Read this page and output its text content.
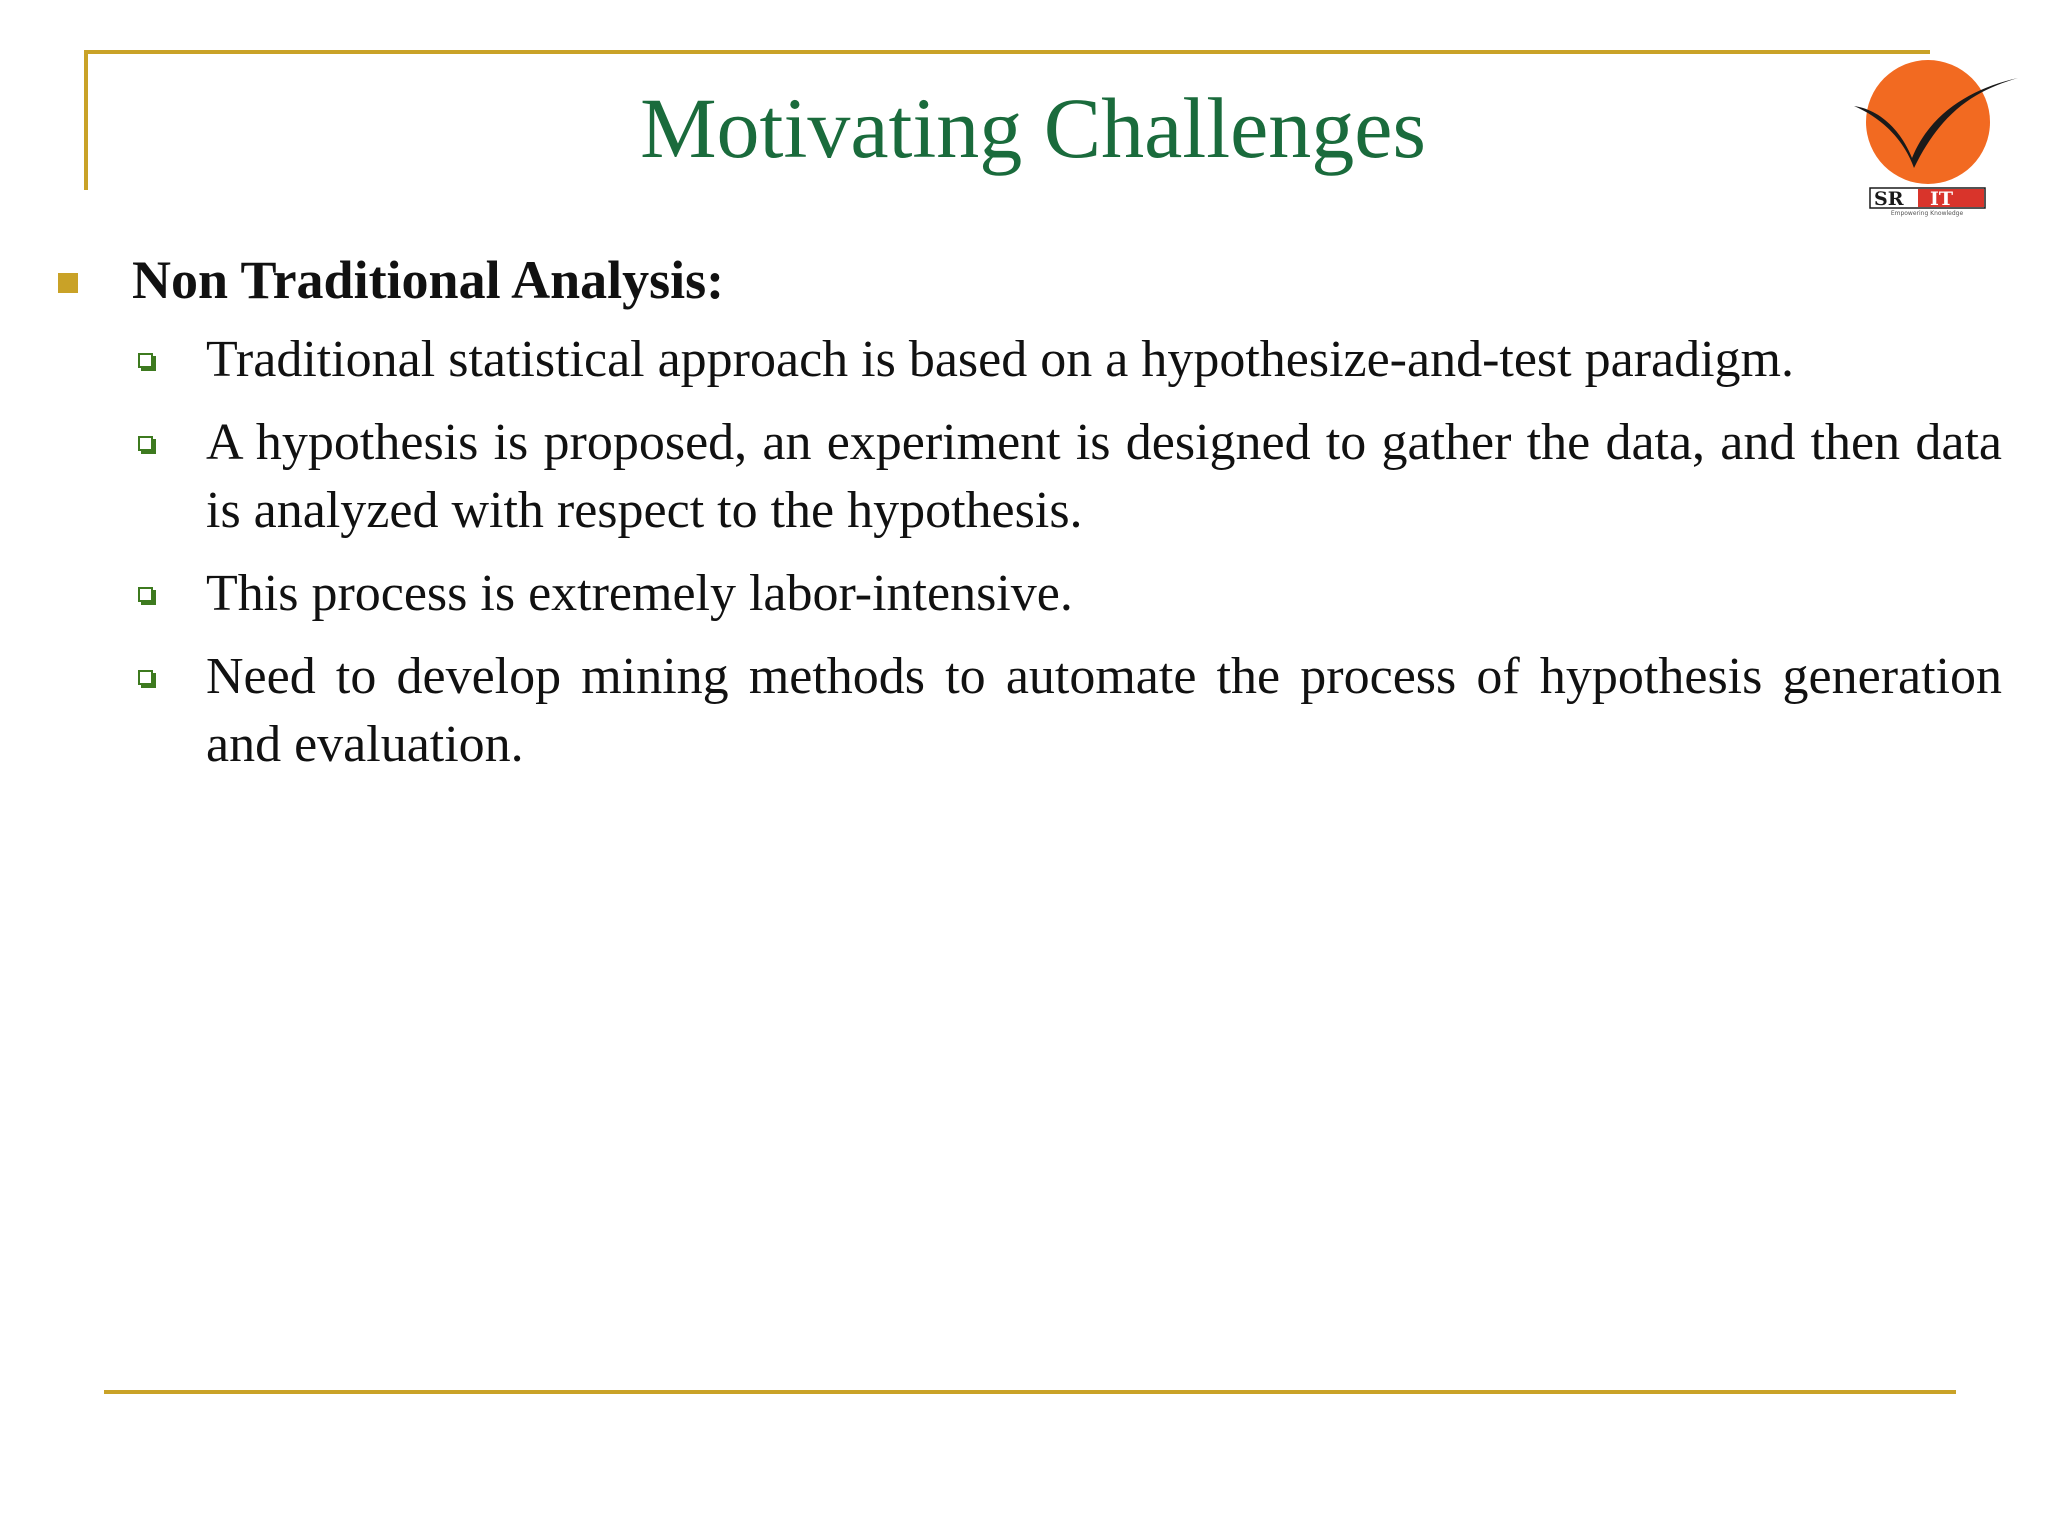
Motivating Challenges
SR IT
Empowering Knowledge
Non Traditional Analysis:
Traditional statistical approach is based on a hypothesize-and-test paradigm.
A hypothesis is proposed, an experiment is designed to gather the data, and then data is analyzed with respect to the hypothesis.
This process is extremely labor-intensive.
Need to develop mining methods to automate the process of hypothesis generation and evaluation.
